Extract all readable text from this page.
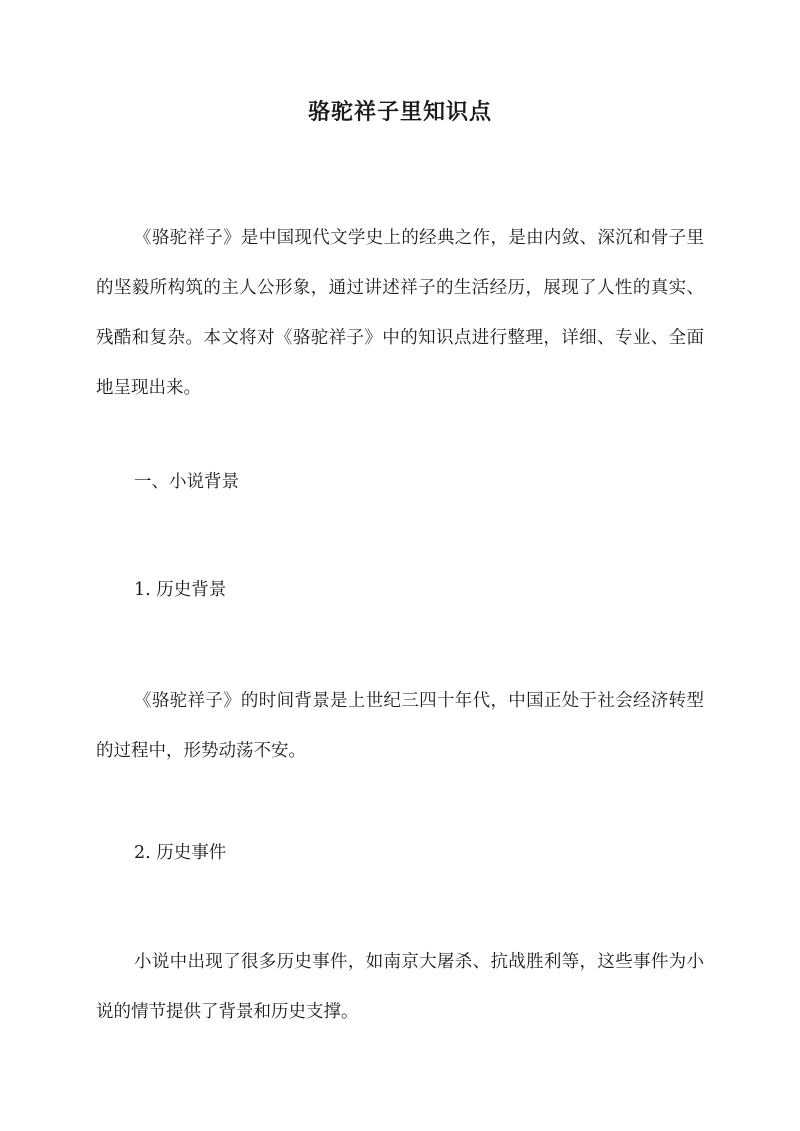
骆驼祥子里知识点

《骆驼祥子》是中国现代文学史上的经典之作，是由内敛、深沉和骨子里的坚毅所构筑的主人公形象，通过讲述祥子的生活经历，展现了人性的真实、残酷和复杂。本文将对《骆驼祥子》中的知识点进行整理，详细、专业、全面地呈现出来。

一、小说背景

1. 历史背景

《骆驼祥子》的时间背景是上世纪三四十年代，中国正处于社会经济转型的过程中，形势动荡不安。

2. 历史事件

小说中出现了很多历史事件，如南京大屠杀、抗战胜利等，这些事件为小说的情节提供了背景和历史支撑。
